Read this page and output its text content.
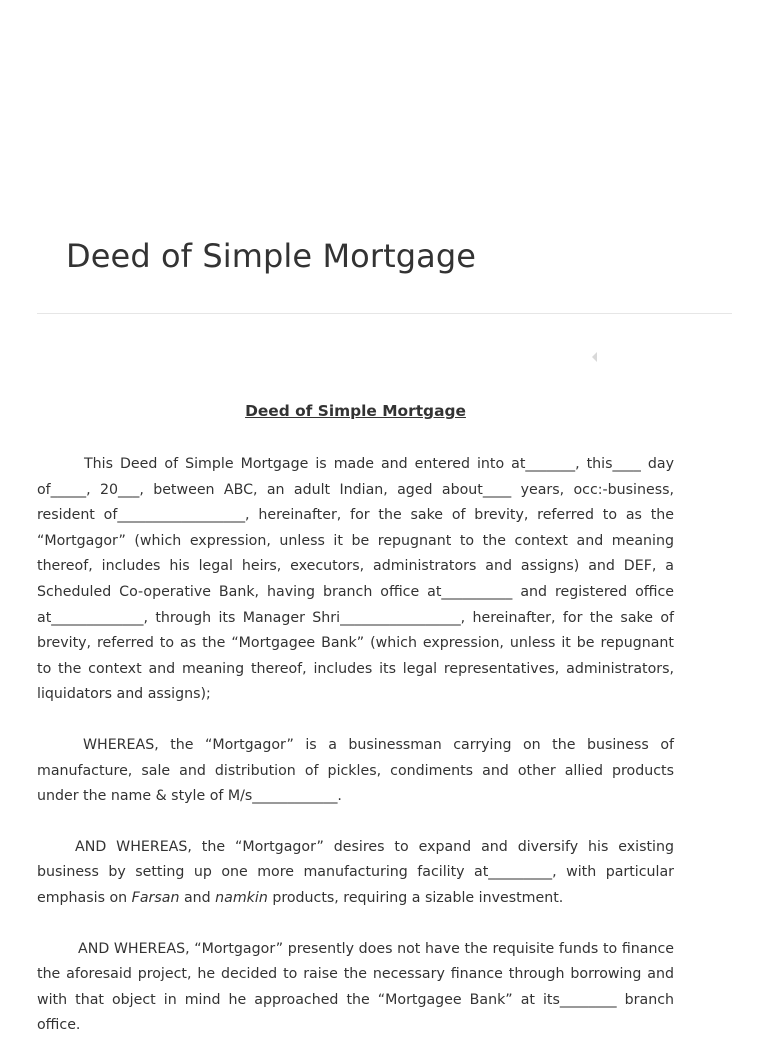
Deed of Simple Mortgage
Deed of Simple Mortgage

This Deed of Simple Mortgage is made and entered into at_______, this____ day of_____, 20___, between ABC, an adult Indian, aged about____ years, occ:-business, resident of__________________, hereinafter, for the sake of brevity, referred to as the “Mortgagor” (which expression, unless it be repugnant to the context and meaning thereof, includes his legal heirs, executors, administrators and assigns) and DEF, a Scheduled Co-operative Bank, having branch office at__________ and registered office at_____________, through its Manager Shri_________________, hereinafter, for the sake of brevity, referred to as the “Mortgagee Bank” (which expression, unless it be repugnant to the context and meaning thereof, includes its legal representatives, administrators, liquidators and assigns);

WHEREAS, the “Mortgagor” is a businessman carrying on the business of manufacture, sale and distribution of pickles, condiments and other allied products under the name & style of M/s____________.

AND WHEREAS, the “Mortgagor” desires to expand and diversify his existing business by setting up one more manufacturing facility at_________, with particular emphasis on Farsan and namkin products, requiring a sizable investment.

AND WHEREAS, “Mortgagor” presently does not have the requisite funds to finance the aforesaid project, he decided to raise the necessary finance through borrowing and with that object in mind he approached the “Mortgagee Bank” at its________ branch office.
